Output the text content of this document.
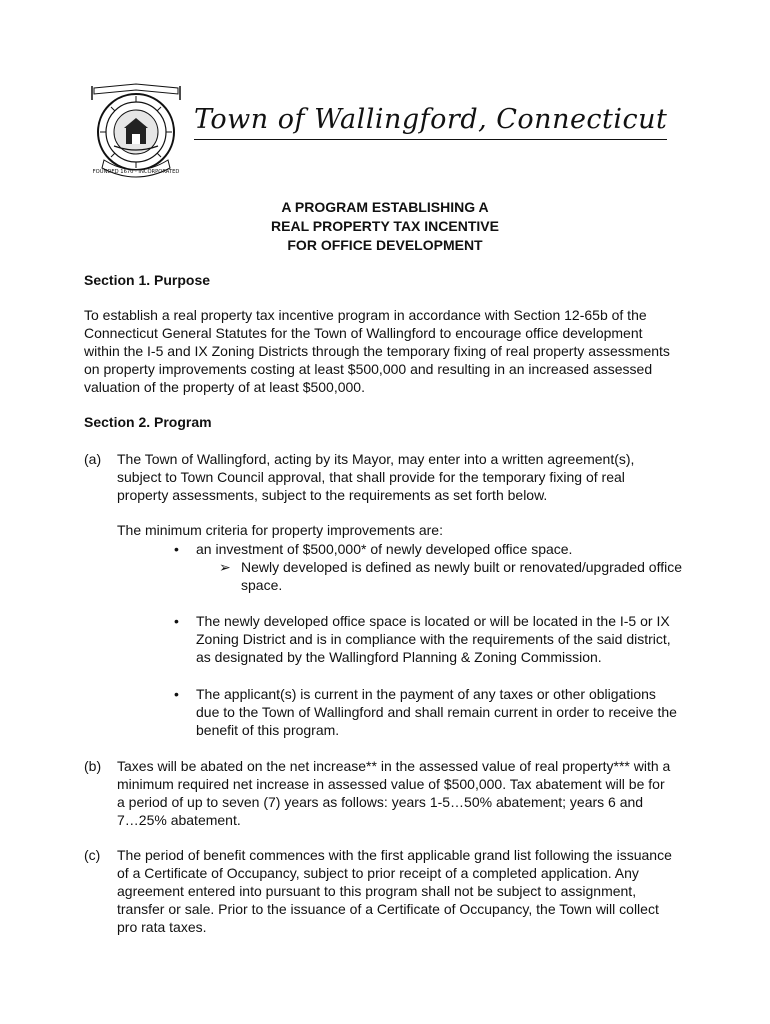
FOUNDED 1670 · INCORPORATED
Town of Wallingford, Connecticut
A PROGRAM ESTABLISHING A
REAL PROPERTY TAX INCENTIVE
FOR OFFICE DEVELOPMENT
Section 1. Purpose
To establish a real property tax incentive program in accordance with Section 12-65b of the
Connecticut General Statutes for the Town of Wallingford to encourage office development
within the I-5 and IX Zoning Districts through the temporary fixing of real property assessments
on property improvements costing at least $500,000 and resulting in an increased assessed
valuation of the property of at least $500,000.
Section 2. Program
(a) The Town of Wallingford, acting by its Mayor, may enter into a written agreement(s),
subject to Town Council approval, that shall provide for the temporary fixing of real
property assessments, subject to the requirements as set forth below.
The minimum criteria for property improvements are:
• an investment of $500,000* of newly developed office space.
➢ Newly developed is defined as newly built or renovated/upgraded office
space.
• The newly developed office space is located or will be located in the I-5 or IX
Zoning District and is in compliance with the requirements of the said district,
as designated by the Wallingford Planning & Zoning Commission.
• The applicant(s) is current in the payment of any taxes or other obligations
due to the Town of Wallingford and shall remain current in order to receive the
benefit of this program.
(b) Taxes will be abated on the net increase** in the assessed value of real property*** with a
minimum required net increase in assessed value of $500,000. Tax abatement will be for
a period of up to seven (7) years as follows: years 1-5…50% abatement; years 6 and
7…25% abatement.
(c) The period of benefit commences with the first applicable grand list following the issuance
of a Certificate of Occupancy, subject to prior receipt of a completed application. Any
agreement entered into pursuant to this program shall not be subject to assignment,
transfer or sale. Prior to the issuance of a Certificate of Occupancy, the Town will collect
pro rata taxes.
